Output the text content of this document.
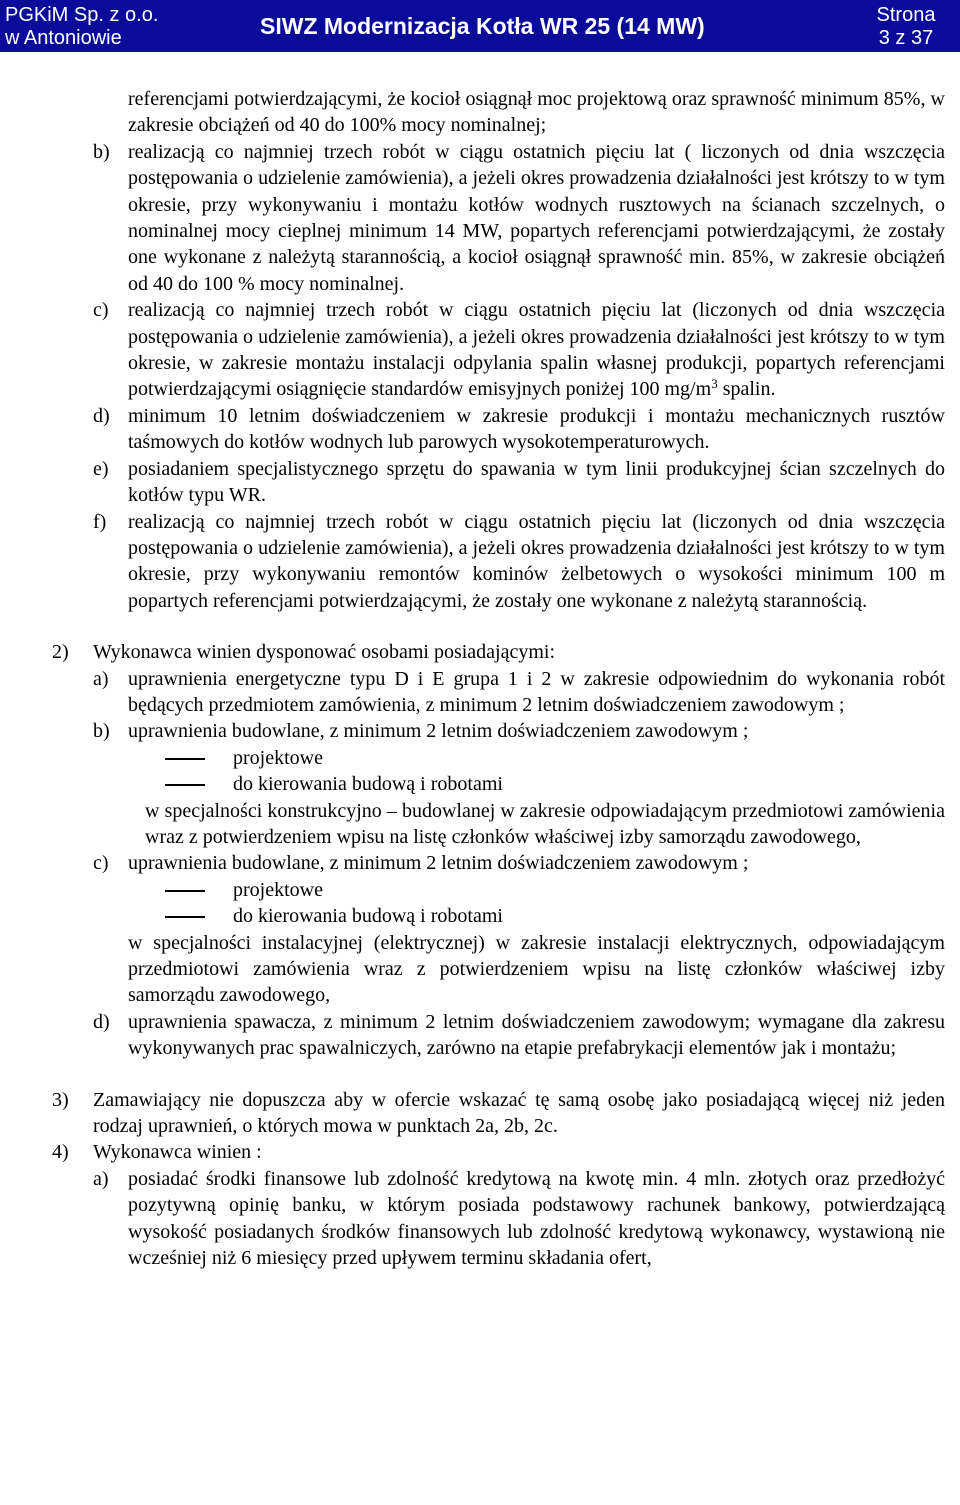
PGKiM Sp. z o.o.
w Antoniowie	SIWZ Modernizacja Kotła WR 25 (14 MW)	Strona
3 z 37
referencjami potwierdzającymi, że kocioł osiągnął moc projektową oraz sprawność minimum 85%, w zakresie obciążeń od 40 do 100% mocy nominalnej;
b) realizacją co najmniej trzech robót w ciągu ostatnich pięciu lat ( liczonych od dnia wszczęcia postępowania o udzielenie zamówienia), a jeżeli okres prowadzenia działalności jest krótszy to w tym okresie, przy wykonywaniu i montażu kotłów wodnych rusztowych na ścianach szczelnych, o nominalnej mocy cieplnej minimum 14 MW, popartych referencjami potwierdzającymi, że zostały one wykonane z należytą starannością, a kocioł osiągnął sprawność min. 85%, w zakresie obciążeń od 40 do 100 % mocy nominalnej.
c) realizacją co najmniej trzech robót w ciągu ostatnich pięciu lat (liczonych od dnia wszczęcia postępowania o udzielenie zamówienia), a jeżeli okres prowadzenia działalności jest krótszy to w tym okresie, w zakresie montażu instalacji odpylania spalin własnej produkcji, popartych referencjami potwierdzającymi osiągnięcie standardów emisyjnych poniżej 100 $mg/m^3$ spalin.
d) minimum 10 letnim doświadczeniem w zakresie produkcji i montażu mechanicznych rusztów taśmowych do kotłów wodnych lub parowych wysokotemperaturowych.
e) posiadaniem specjalistycznego sprzętu do spawania w tym linii produkcyjnej ścian szczelnych do kotłów typu WR.
f) realizacją co najmniej trzech robót w ciągu ostatnich pięciu lat (liczonych od dnia wszczęcia postępowania o udzielenie zamówienia), a jeżeli okres prowadzenia działalności jest krótszy to w tym okresie, przy wykonywaniu remontów kominów żelbetowych o wysokości minimum 100 m popartych referencjami potwierdzającymi, że zostały one wykonane z należytą starannością.
2) Wykonawca winien dysponować osobami posiadającymi:
a) uprawnienia energetyczne typu D i E grupa 1 i 2 w zakresie odpowiednim do wykonania robót będących przedmiotem zamówienia, z minimum 2 letnim doświadczeniem zawodowym ;
b) uprawnienia budowlane, z minimum 2 letnim doświadczeniem zawodowym ;
projektowe
do kierowania budową i robotami
w specjalności konstrukcyjno – budowlanej w zakresie odpowiadającym przedmiotowi zamówienia wraz z potwierdzeniem wpisu na listę członków właściwej izby samorządu zawodowego,
c) uprawnienia budowlane, z minimum 2 letnim doświadczeniem zawodowym ;
projektowe
do kierowania budową i robotami
w specjalności instalacyjnej (elektrycznej) w zakresie instalacji elektrycznych, odpowiadającym przedmiotowi zamówienia wraz z potwierdzeniem wpisu na listę członków właściwej izby samorządu zawodowego,
d) uprawnienia spawacza, z minimum 2 letnim doświadczeniem zawodowym; wymagane dla zakresu wykonywanych prac spawalniczych, zarówno na etapie prefabrykacji elementów jak i montażu;
3) Zamawiający nie dopuszcza aby w ofercie wskazać tę samą osobę jako posiadającą więcej niż jeden rodzaj uprawnień, o których mowa w punktach 2a, 2b, 2c.
4) Wykonawca winien :
a) posiadać środki finansowe lub zdolność kredytową na kwotę min. 4 mln. złotych oraz przedłożyć pozytywną opinię banku, w którym posiada podstawowy rachunek bankowy, potwierdzającą wysokość posiadanych środków finansowych lub zdolność kredytową wykonawcy, wystawioną nie wcześniej niż 6 miesięcy przed upływem terminu składania ofert,
